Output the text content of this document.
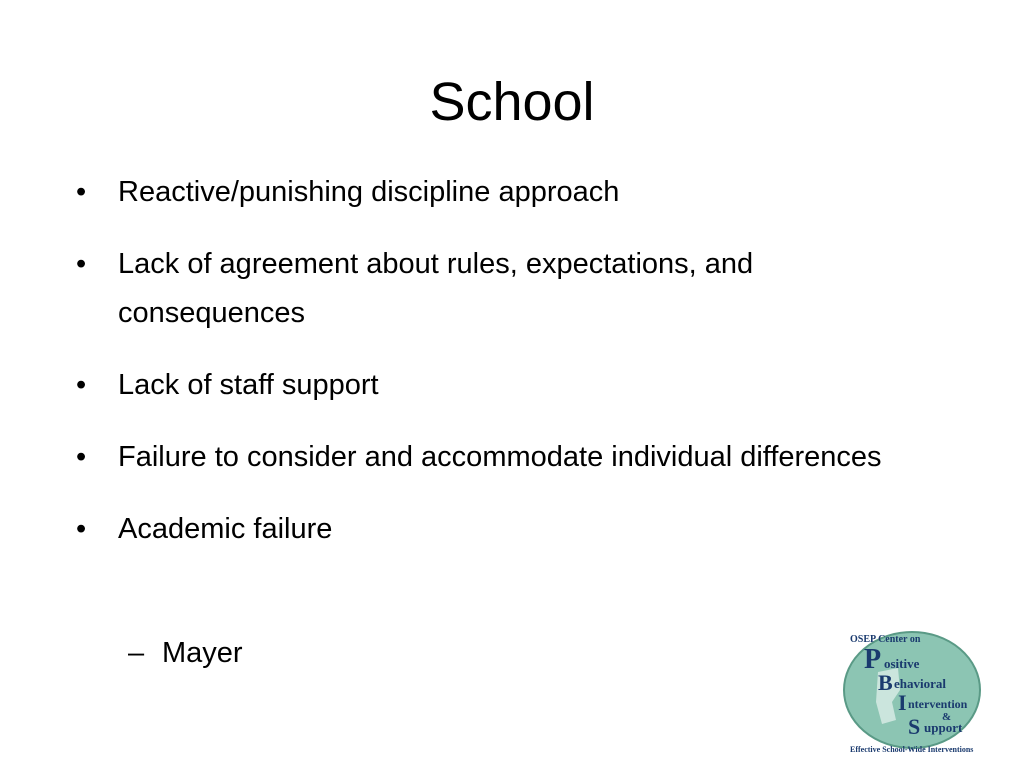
School
• Reactive/punishing discipline approach
• Lack of agreement about rules, expectations, and consequences
• Lack of staff support
• Failure to consider and accommodate individual differences
• Academic failure
– Mayer	OSEP Center on
P ositive
B ehavioral
I ntervention
&
S upport
Effective School-Wide Interventions
